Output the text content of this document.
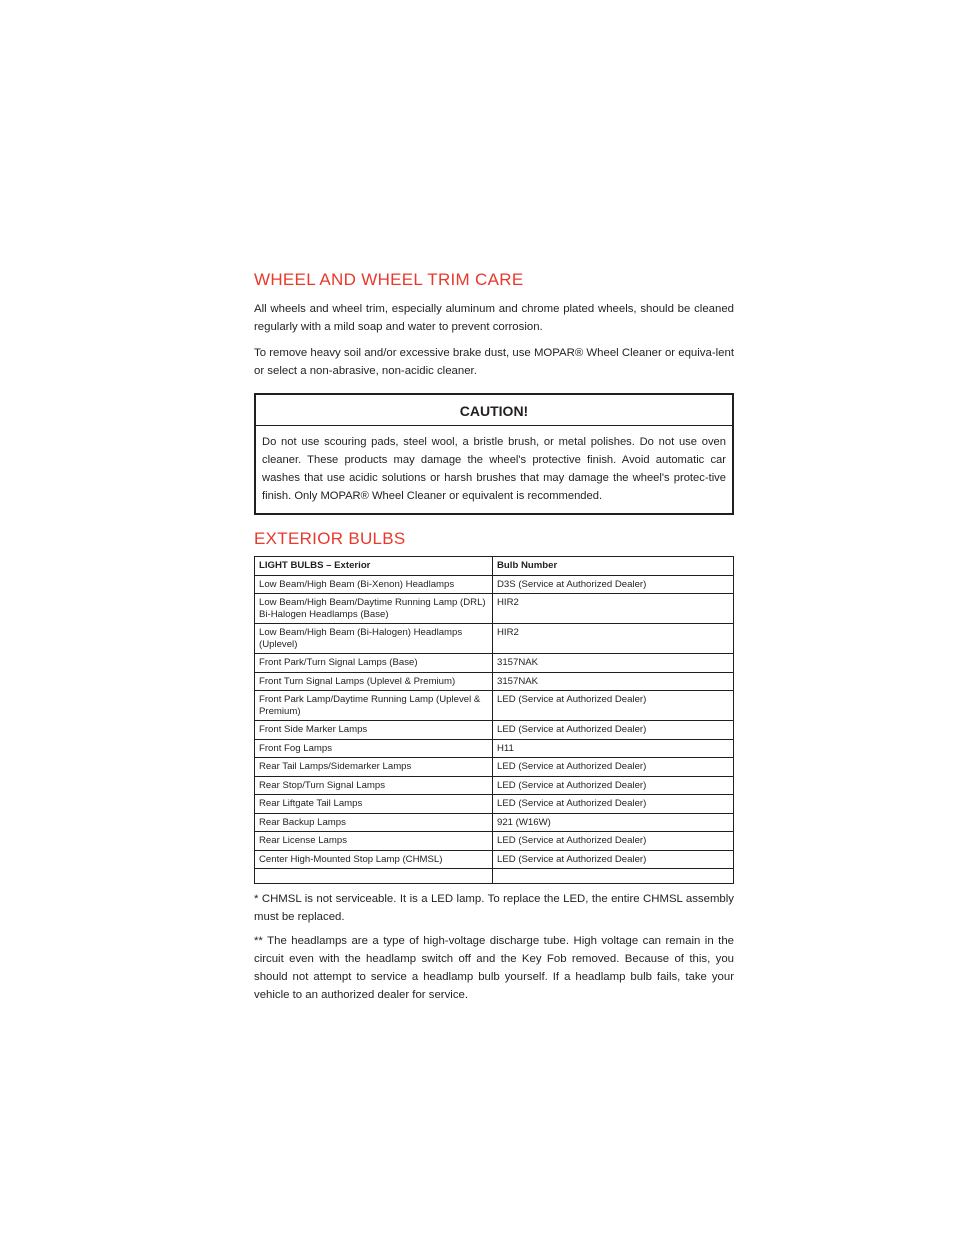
WHEEL AND WHEEL TRIM CARE

All wheels and wheel trim, especially aluminum and chrome plated wheels, should be cleaned regularly with a mild soap and water to prevent corrosion.

To remove heavy soil and/or excessive brake dust, use MOPAR® Wheel Cleaner or equiva-lent or select a non-abrasive, non-acidic cleaner.

CAUTION!
Do not use scouring pads, steel wool, a bristle brush, or metal polishes. Do not use oven cleaner. These products may damage the wheel's protective finish. Avoid automatic car washes that use acidic solutions or harsh brushes that may damage the wheel's protec-tive finish. Only MOPAR® Wheel Cleaner or equivalent is recommended.
EXTERIOR BULBS
LIGHT BULBS – Exterior	Bulb Number
Low Beam/High Beam (Bi-Xenon) Headlamps	D3S (Service at Authorized Dealer)
Low Beam/High Beam/Daytime Running Lamp (DRL) Bi-Halogen Headlamps (Base)	HIR2
Low Beam/High Beam (Bi-Halogen) Headlamps (Uplevel)	HIR2
Front Park/Turn Signal Lamps (Base)	3157NAK
Front Turn Signal Lamps (Uplevel & Premium)	3157NAK
Front Park Lamp/Daytime Running Lamp (Uplevel & Premium)	LED (Service at Authorized Dealer)
Front Side Marker Lamps	LED (Service at Authorized Dealer)
Front Fog Lamps	H11
Rear Tail Lamps/Sidemarker Lamps	LED (Service at Authorized Dealer)
Rear Stop/Turn Signal Lamps	LED (Service at Authorized Dealer)
Rear Liftgate Tail Lamps	LED (Service at Authorized Dealer)
Rear Backup Lamps	921 (W16W)
Rear License Lamps	LED (Service at Authorized Dealer)
Center High-Mounted Stop Lamp (CHMSL)	LED (Service at Authorized Dealer)

* CHMSL is not serviceable. It is a LED lamp. To replace the LED, the entire CHMSL assembly must be replaced.

** The headlamps are a type of high-voltage discharge tube. High voltage can remain in the circuit even with the headlamp switch off and the Key Fob removed. Because of this, you should not attempt to service a headlamp bulb yourself. If a headlamp bulb fails, take your vehicle to an authorized dealer for service.
